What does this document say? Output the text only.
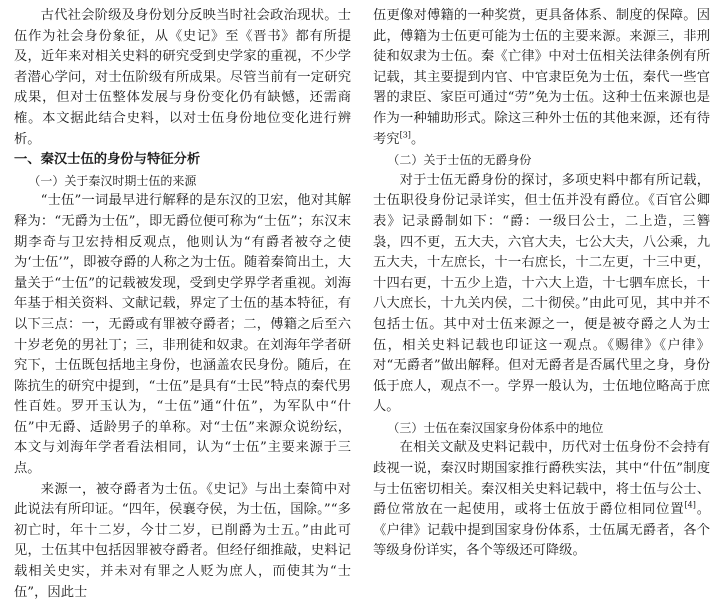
古代社会阶级及身份划分反映当时社会政治现状。士伍作为社会身份象征，从《史记》至《晋书》都有所提及，近年来对相关史料的研究受到史学家的重视，不少学者潜心学问，对士伍阶级有所成果。尽管当前有一定研究成果，但对士伍整体发展与身份变化仍有缺憾，还需商榷。本文据此结合史料，以对士伍身份地位变化进行辨析。

一、秦汉士伍的身份与特征分析

（一）关于秦汉时期士伍的来源

“士伍”一词最早进行解释的是东汉的卫宏，他对其解释为：“无爵为士伍”，即无爵位便可称为“士伍”；东汉末期李奇与卫宏持相反观点，他则认为“有爵者被夺之使为‘士伍’”，即被夺爵的人称之为士伍。随着秦简出土，大量关于“士伍”的记载被发现，受到史学界学者重视。刘海年基于相关资料、文献记载，界定了士伍的基本特征，有以下三点：一，无爵或有罪被夺爵者；二，傅籍之后至六十岁老免的男社丁；三，非刑徒和奴隶。在刘海年学者研究下，士伍既包括地主身份，也涵盖农民身份。随后，在陈抗生的研究中提到，“士伍”是具有“士民”特点的秦代男性百姓。罗开玉认为，“士伍”通“什伍”，为军队中“什伍”中无爵、适龄男子的单称。对“士伍”来源众说纷纭，本文与刘海年学者看法相同，认为“士伍”主要来源于三点。

来源一，被夺爵者为士伍。《史记》与出土秦简中对此说法有所印证。“四年，侯襄夺侯，为士伍，国除。”“多初亡时，年十二岁，今廿二岁，已削爵为士五。”由此可见，士伍其中包括因罪被夺爵者。但经仔细推敲，史料记载相关史实，并未对有罪之人贬为庶人，而使其为“士伍”，因此士

伍更像对傅籍的一种奖赏，更具备体系、制度的保障。因此，傅籍为士伍更可能为士伍的主要来源。来源三，非刑徒和奴隶为士伍。秦《亡律》中对士伍相关法律条例有所记载，其主要提到内官、中官隶臣免为士伍，秦代一些官署的隶臣、家臣可通过“劳”免为士伍。这种士伍来源也是作为一种辅助形式。除这三种外士伍的其他来源，还有待考究[3]。

（二）关于士伍的无爵身份

对于士伍无爵身份的探讨，多项史料中都有所记载，士伍职役身份记录详实，但士伍并没有爵位。《百官公卿表》记录爵制如下：“爵：一级曰公士，二上造，三簪袅，四不更，五大夫，六官大夫，七公大夫，八公乘，九五大夫，十左庶长，十一右庶长，十二左更，十三中更，十四右更，十五少上造，十六大上造，十七驷车庶长，十八大庶长，十九关内侯，二十彻侯。”由此可见，其中并不包括士伍。其中对士伍来源之一，便是被夺爵之人为士伍，相关史料记载也印证这一观点。《赐律》《户律》对“无爵者”做出解释。但对无爵者是否属代里之身，身份低于庶人，观点不一。学界一般认为，士伍地位略高于庶人。

（三）士伍在秦汉国家身份体系中的地位

在相关文献及史料记载中，历代对士伍身份不会持有歧视一说，秦汉时期国家推行爵秩实法，其中“什伍”制度与士伍密切相关。秦汉相关史料记载中，将士伍与公士、爵位常放在一起使用，或将士伍放于爵位相同位置[4]。《户律》记载中提到国家身份体系，士伍属无爵者，各个等级身份详实，各个等级还可降级。
